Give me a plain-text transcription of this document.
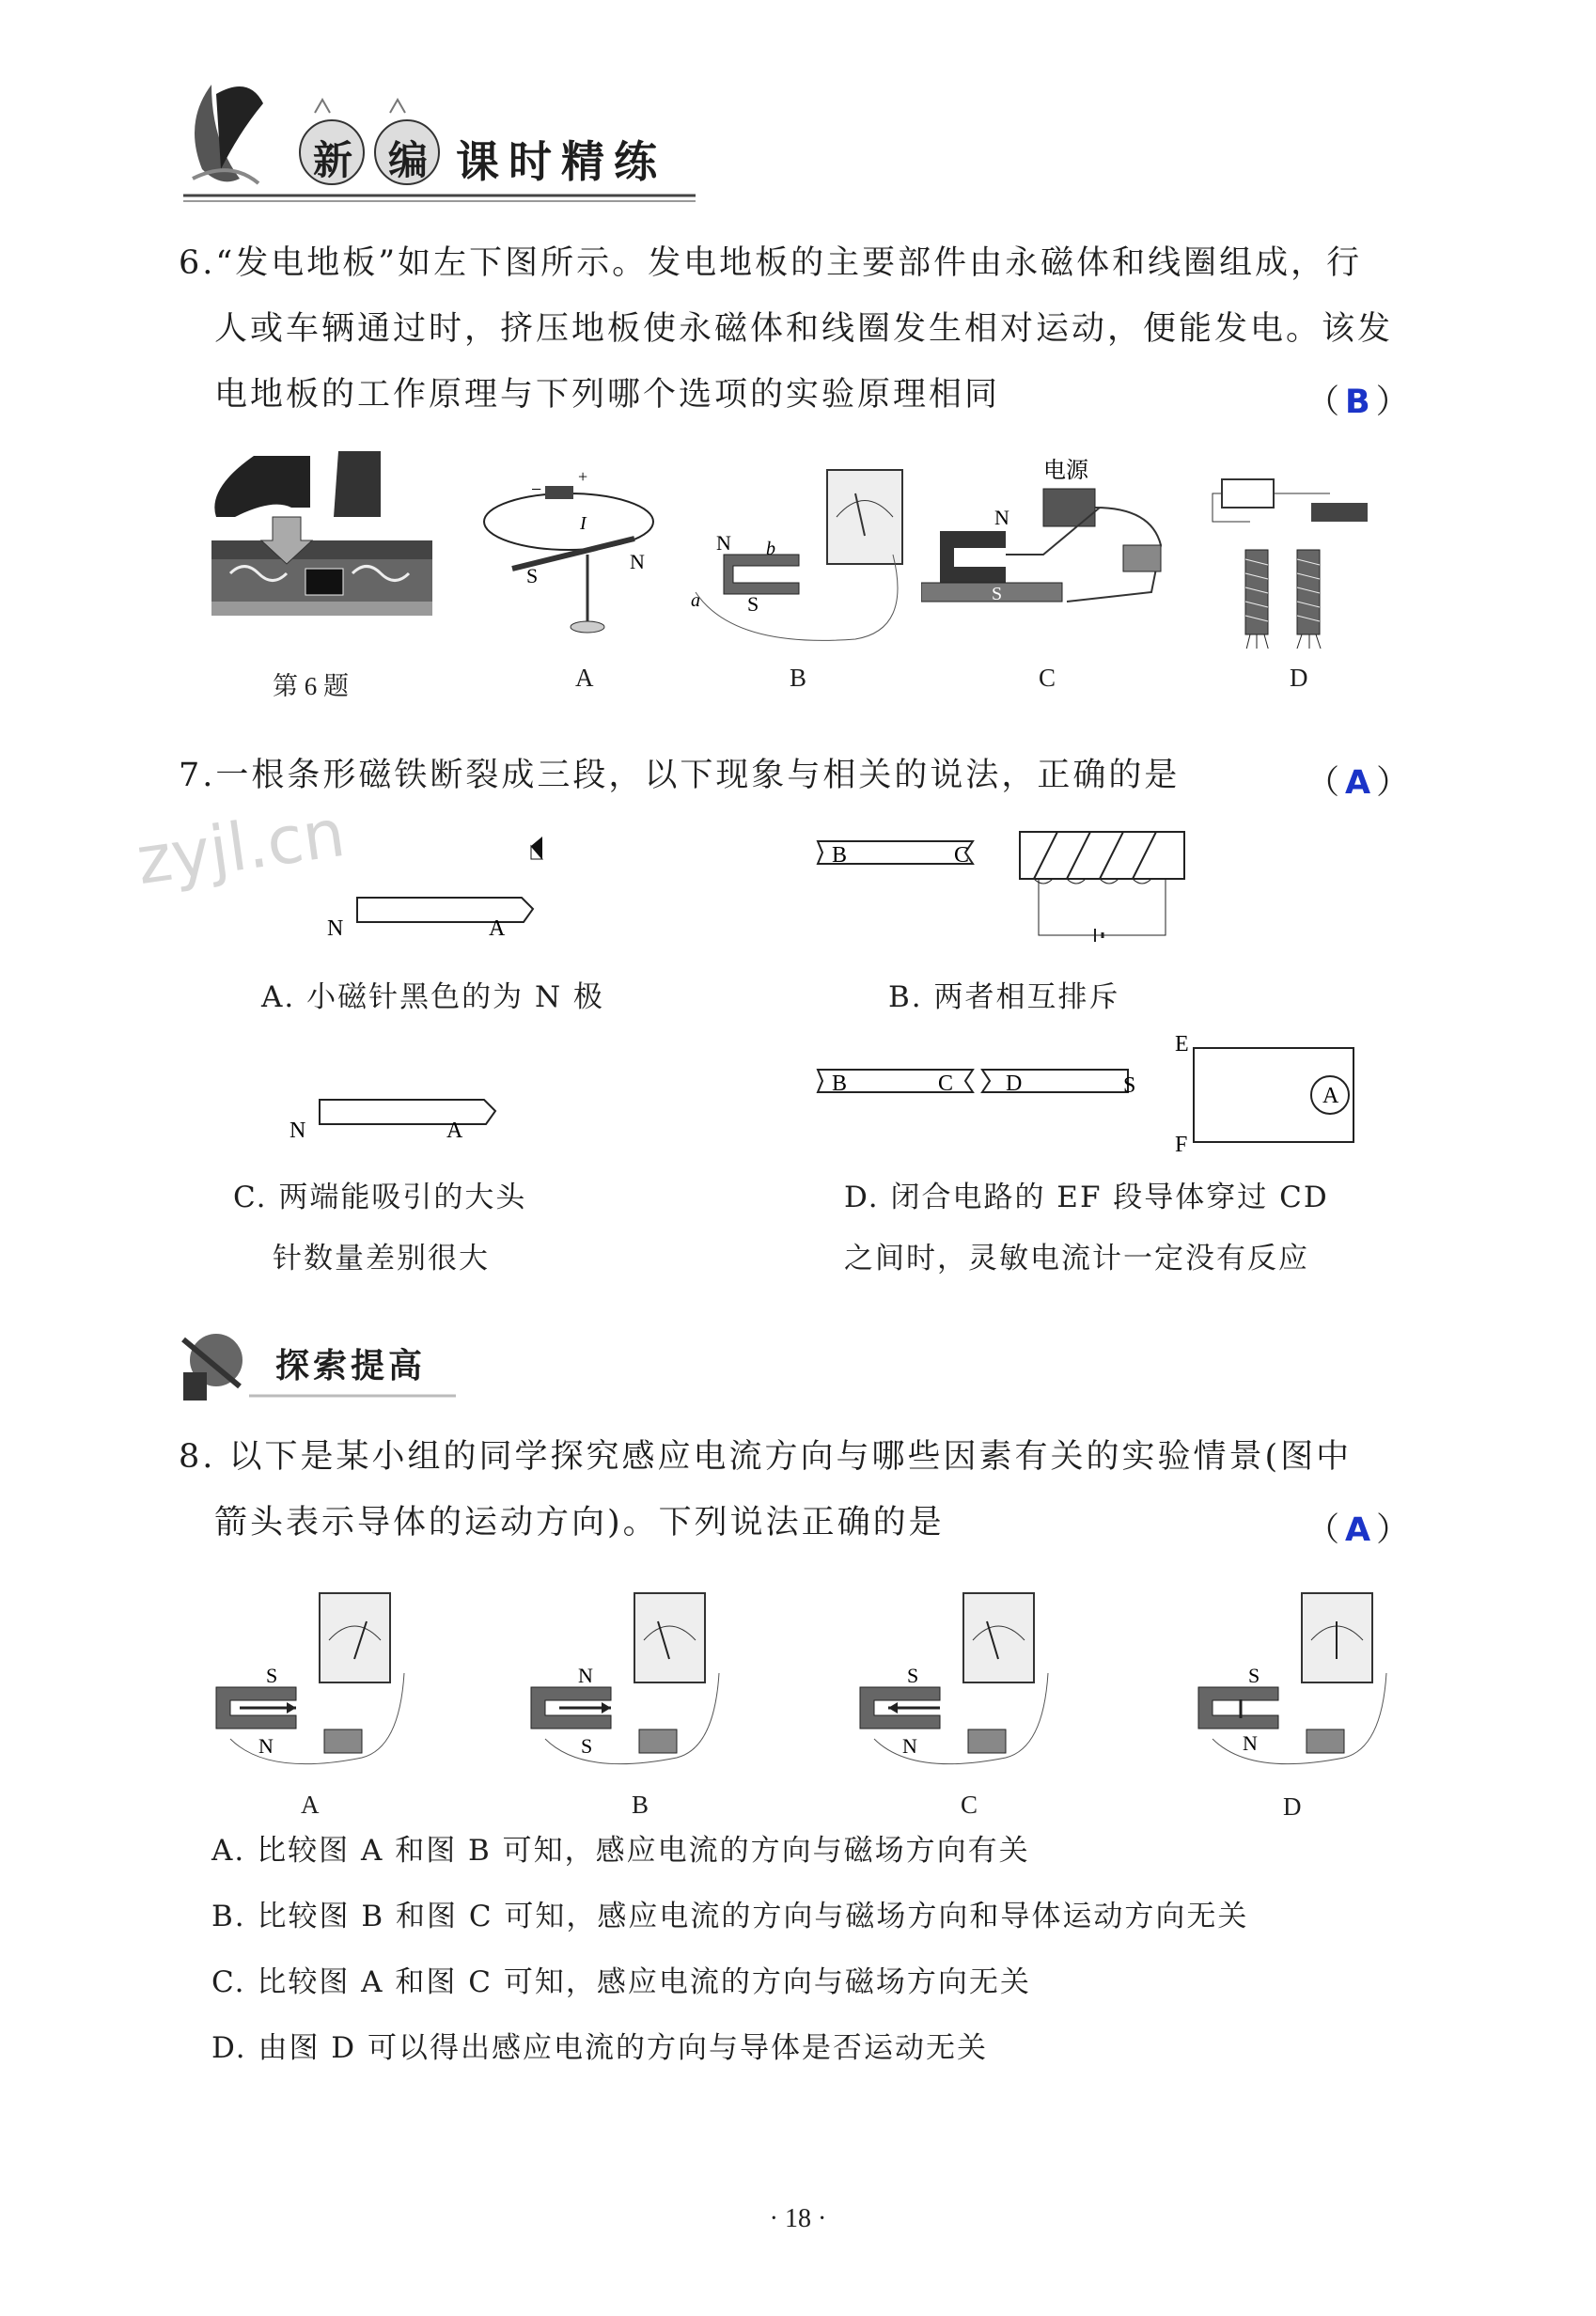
新 编 课时精练
6.“发电地板”如左下图所示。发电地板的主要部件由永磁体和线圈组成，行
人或车辆通过时，挤压地板使永磁体和线圈发生相对运动，便能发电。该发
电地板的工作原理与下列哪个选项的实验原理相同	（B）
−
+
I
S
N
N
S
b
a
电源
N
S
第 6 题	A	B	C	D
7.一根条形磁铁断裂成三段，以下现象与相关的说法，正确的是	（A）
zyjl.cn
N	A
B	C
A. 小磁针黑色的为 N 极	B. 两者相互排斥
N	A
B	C D	S
E
F
A
C. 两端能吸引的大头
针数量差别很大
D. 闭合电路的 EF 段导体穿过 CD
之间时，灵敏电流计一定没有反应
探索提高
8. 以下是某小组的同学探究感应电流方向与哪些因素有关的实验情景(图中
箭头表示导体的运动方向)。下列说法正确的是	（A）
S
N
N
S
S
N
S
N
A	B	C	D
A. 比较图 A 和图 B 可知，感应电流的方向与磁场方向有关
B. 比较图 B 和图 C 可知，感应电流的方向与磁场方向和导体运动方向无关
C. 比较图 A 和图 C 可知，感应电流的方向与磁场方向无关
D. 由图 D 可以得出感应电流的方向与导体是否运动无关
· 18 ·
